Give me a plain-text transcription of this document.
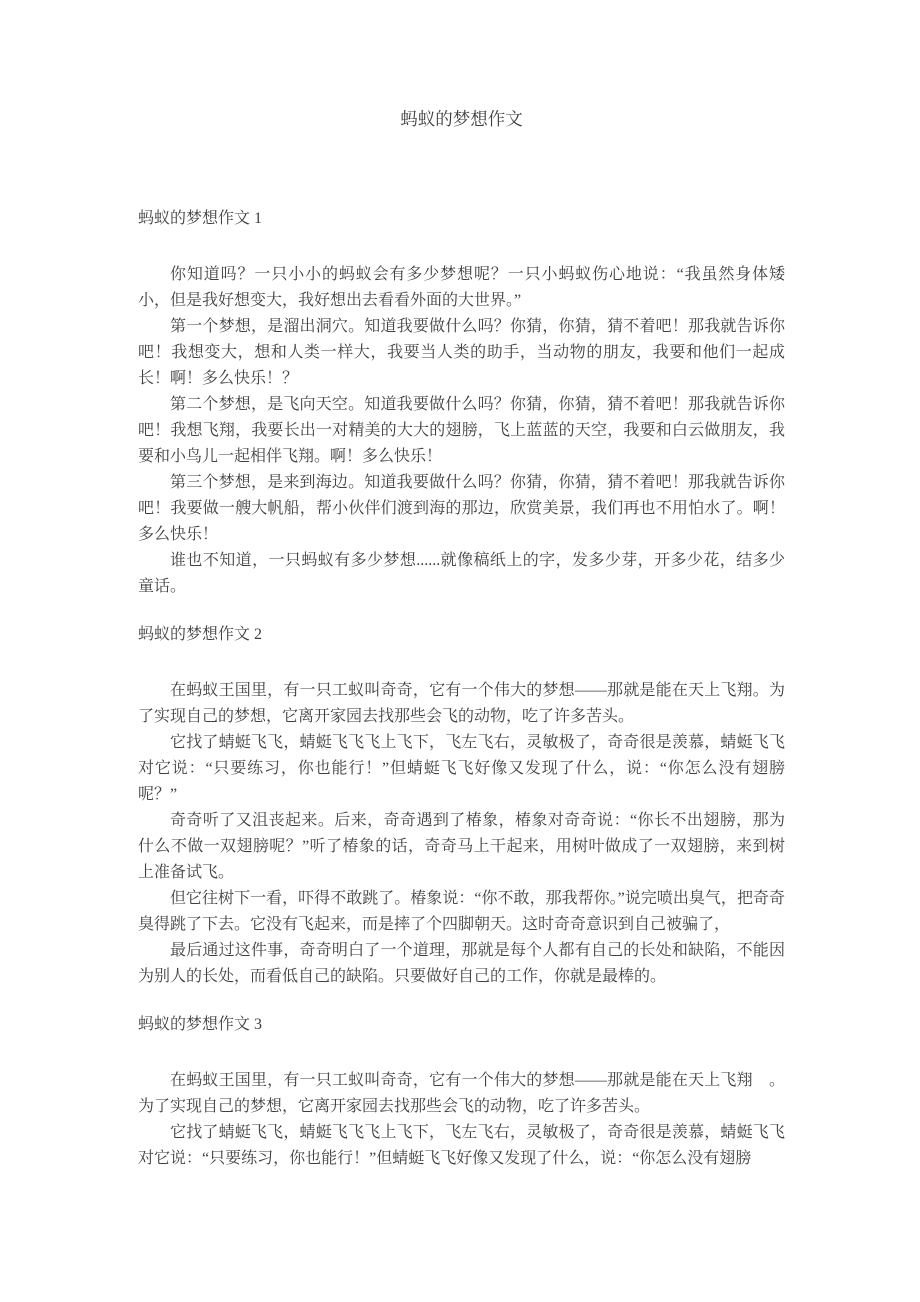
蚂蚁的梦想作文
蚂蚁的梦想作文 1

你知道吗？一只小小的蚂蚁会有多少梦想呢？一只小蚂蚁伤心地说：“我虽然身体矮小，但是我好想变大，我好想出去看看外面的大世界。”

第一个梦想，是溜出洞穴。知道我要做什么吗？你猜，你猜，猜不着吧！那我就告诉你吧！我想变大，想和人类一样大，我要当人类的助手，当动物的朋友，我要和他们一起成长！啊！多么快乐！？

第二个梦想，是飞向天空。知道我要做什么吗？你猜，你猜，猜不着吧！那我就告诉你吧！我想飞翔，我要长出一对精美的大大的翅膀，飞上蓝蓝的天空，我要和白云做朋友，我要和小鸟儿一起相伴飞翔。啊！多么快乐！

第三个梦想，是来到海边。知道我要做什么吗？你猜，你猜，猜不着吧！那我就告诉你吧！我要做一艘大帆船，帮小伙伴们渡到海的那边，欣赏美景，我们再也不用怕水了。啊！多么快乐！

谁也不知道，一只蚂蚁有多少梦想......就像稿纸上的字，发多少芽，开多少花，结多少童话。

蚂蚁的梦想作文 2

在蚂蚁王国里，有一只工蚁叫奇奇，它有一个伟大的梦想——那就是能在天上飞翔。为了实现自己的梦想，它离开家园去找那些会飞的动物，吃了许多苦头。

它找了蜻蜓飞飞，蜻蜓飞飞飞上飞下，飞左飞右，灵敏极了，奇奇很是羡慕，蜻蜓飞飞对它说：“只要练习，你也能行！”但蜻蜓飞飞好像又发现了什么，说：“你怎么没有翅膀呢？”

奇奇听了又沮丧起来。后来，奇奇遇到了椿象，椿象对奇奇说：“你长不出翅膀，那为什么不做一双翅膀呢？”听了椿象的话，奇奇马上干起来，用树叶做成了一双翅膀，来到树上准备试飞。

但它往树下一看，吓得不敢跳了。椿象说：“你不敢，那我帮你。”说完喷出臭气，把奇奇臭得跳了下去。它没有飞起来，而是摔了个四脚朝天。这时奇奇意识到自己被骗了，

最后通过这件事，奇奇明白了一个道理，那就是每个人都有自己的长处和缺陷，不能因为别人的长处，而看低自己的缺陷。只要做好自己的工作，你就是最棒的。

蚂蚁的梦想作文 3

在蚂蚁王国里，有一只工蚁叫奇奇，它有一个伟大的梦想——那就是能在天上飞翔　。为了实现自己的梦想，它离开家园去找那些会飞的动物，吃了许多苦头。

它找了蜻蜓飞飞，蜻蜓飞飞飞上飞下，飞左飞右，灵敏极了，奇奇很是羡慕，蜻蜓飞飞对它说：“只要练习，你也能行！”但蜻蜓飞飞好像又发现了什么，说：“你怎么没有翅膀
